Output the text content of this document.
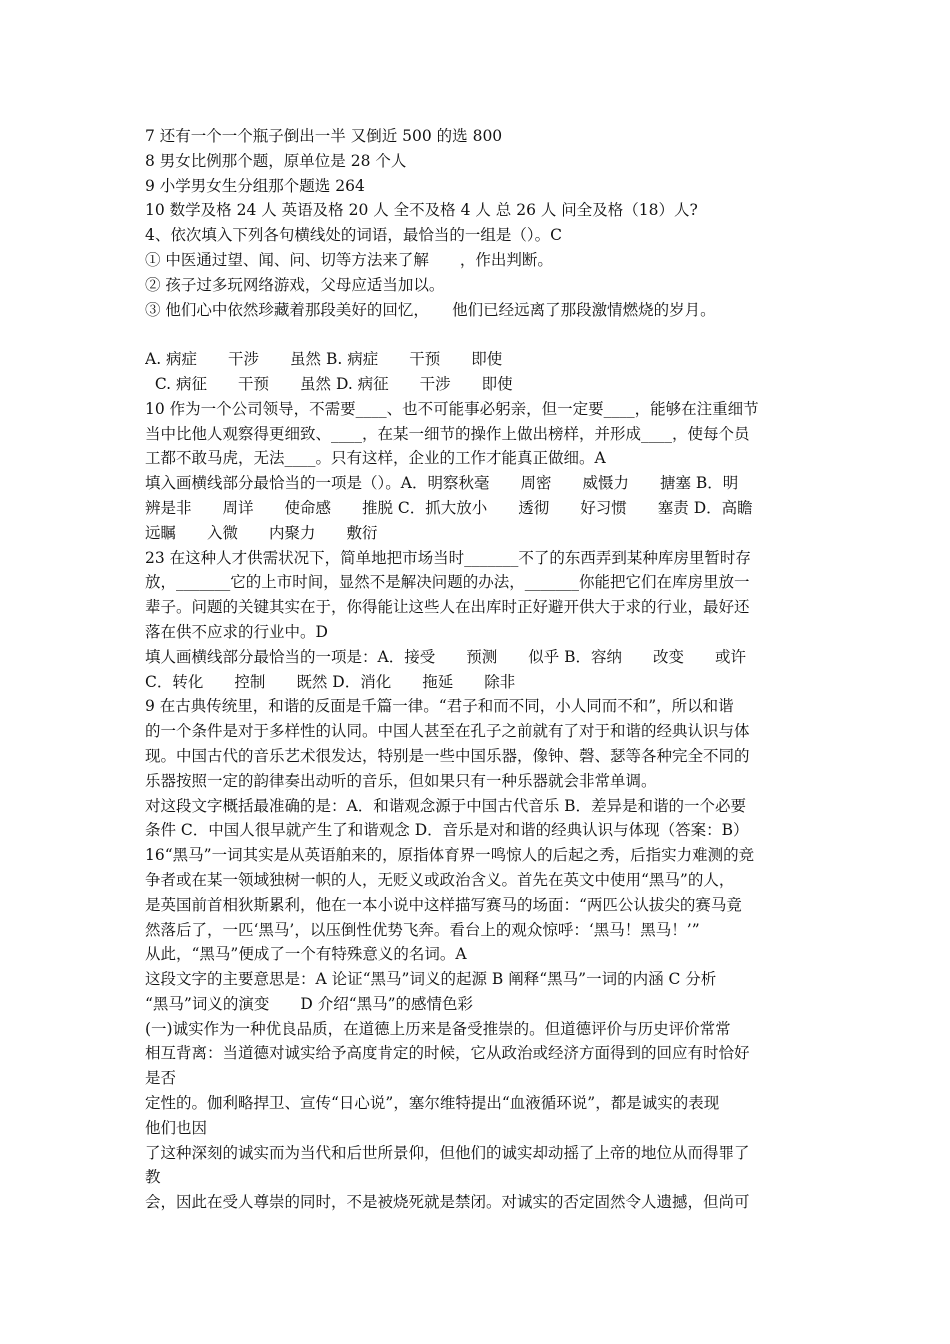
7 还有一个一个瓶子倒出一半 又倒近 500 的选 800
8 男女比例那个题，原单位是 28 个人
9 小学男女生分组那个题选 264
10 数学及格 24 人 英语及格 20 人 全不及格 4 人 总 26 人 问全及格（18）人?
4、依次填入下列各句横线处的词语，最恰当的一组是（）。C
① 中医通过望、闻、问、切等方法来了解　　，作出判断。
② 孩子过多玩网络游戏，父母应适当加以。
③ 他们心中依然珍藏着那段美好的回忆，　　他们已经远离了那段激情燃烧的岁月。
A. 病症　　干涉　　虽然 B. 病症　　干预　　即使
C. 病征　　干预　　虽然 D. 病征　　干涉　　即使
10 作为一个公司领导，不需要____、也不可能事必躬亲，但一定要____，能够在注重细节
当中比他人观察得更细致、____，在某一细节的操作上做出榜样，并形成____，使每个员
工都不敢马虎，无法____。只有这样，企业的工作才能真正做细。A
填入画横线部分最恰当的一项是（）。A．明察秋毫　　周密　　威慑力　　搪塞 B．明
辨是非　　周详　　使命感　　推脱 C．抓大放小　　透彻　　好习惯　　塞责 D．高瞻
远瞩　　入微　　内聚力　　敷衍
23 在这种人才供需状况下，简单地把市场当时_______不了的东西弄到某种库房里暂时存
放，_______它的上市时间，显然不是解决问题的办法，_______你能把它们在库房里放一
辈子。问题的关键其实在于，你得能让这些人在出库时正好避开供大于求的行业，最好还
落在供不应求的行业中。D
填人画横线部分最恰当的一项是：A．接受　　预测　　似乎 B．容纳　　改变　　或许
C．转化　　控制　　既然 D．消化　　拖延　　除非
9 在古典传统里，和谐的反面是千篇一律。“君子和而不同，小人同而不和”，所以和谐
的一个条件是对于多样性的认同。中国人甚至在孔子之前就有了对于和谐的经典认识与体
现。中国古代的音乐艺术很发达，特别是一些中国乐器，像钟、磬、瑟等各种完全不同的
乐器按照一定的韵律奏出动听的音乐，但如果只有一种乐器就会非常单调。
对这段文字概括最准确的是：A．和谐观念源于中国古代音乐 B．差异是和谐的一个必要
条件 C．中国人很早就产生了和谐观念 D．音乐是对和谐的经典认识与体现（答案：B）
16“黑马”一词其实是从英语舶来的，原指体育界一鸣惊人的后起之秀，后指实力难测的竞
争者或在某一领域独树一帜的人，无贬义或政治含义。首先在英文中使用“黑马”的人，
是英国前首相狄斯累利，他在一本小说中这样描写赛马的场面：“两匹公认拔尖的赛马竟
然落后了，一匹‘黑马’，以压倒性优势飞奔。看台上的观众惊呼：‘黑马！黑马！’”
从此，“黑马”便成了一个有特殊意义的名词。A
这段文字的主要意思是：A 论证“黑马”词义的起源 B 阐释“黑马”一词的内涵 C 分析
“黑马”词义的演变　　D 介绍“黑马”的感情色彩
(一)诚实作为一种优良品质，在道德上历来是备受推崇的。但道德评价与历史评价常常
相互背离：当道德对诚实给予高度肯定的时候，它从政治或经济方面得到的回应有时恰好
是否
定性的。伽利略捍卫、宣传“日心说”，塞尔维特提出“血液循环说”，都是诚实的表现
他们也因
了这种深刻的诚实而为当代和后世所景仰，但他们的诚实却动摇了上帝的地位从而得罪了
教
会，因此在受人尊崇的同时，不是被烧死就是禁闭。对诚实的否定固然令人遗撼，但尚可
